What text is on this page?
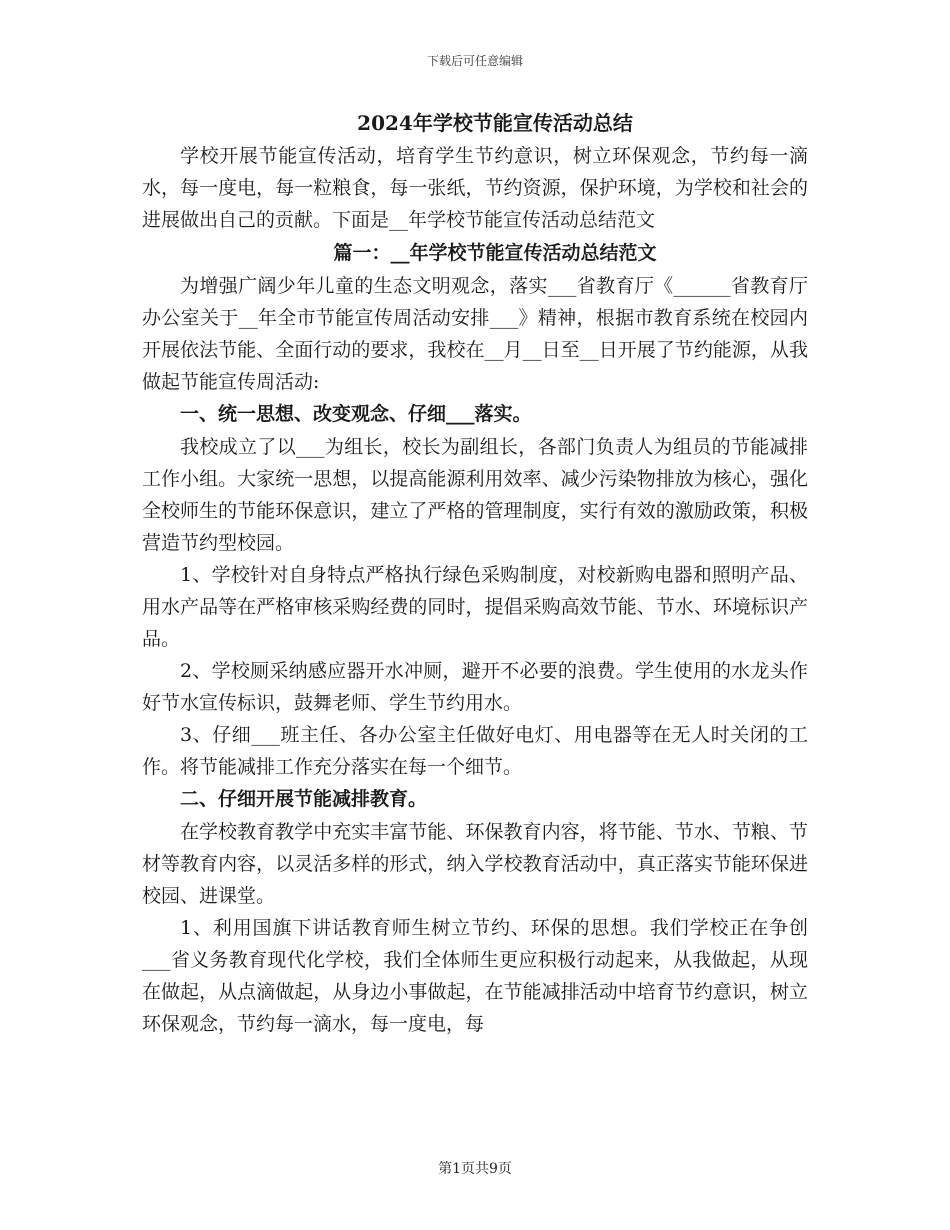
下载后可任意编辑
2024年学校节能宣传活动总结

学校开展节能宣传活动，培育学生节约意识，树立环保观念，节约每一滴水，每一度电，每一粒粮食，每一张纸，节约资源，保护环境，为学校和社会的进展做出自己的贡献。下面是__年学校节能宣传活动总结范文

篇一：__年学校节能宣传活动总结范文

为增强广阔少年儿童的生态文明观念，落实___省教育厅《______省教育厅办公室关于__年全市节能宣传周活动安排___》精神，根据市教育系统在校园内开展依法节能、全面行动的要求，我校在__月__日至__日开展了节约能源，从我做起节能宣传周活动:

一、统一思想、改变观念、仔细___落实。

我校成立了以___为组长，校长为副组长，各部门负责人为组员的节能减排工作小组。大家统一思想，以提高能源利用效率、减少污染物排放为核心，强化全校师生的节能环保意识，建立了严格的管理制度，实行有效的激励政策，积极营造节约型校园。

1、学校针对自身特点严格执行绿色采购制度，对校新购电器和照明产品、用水产品等在严格审核采购经费的同时，提倡采购高效节能、节水、环境标识产品。

2、学校厕采纳感应器开水冲厕，避开不必要的浪费。学生使用的水龙头作好节水宣传标识，鼓舞老师、学生节约用水。

3、仔细___班主任、各办公室主任做好电灯、用电器等在无人时关闭的工作。将节能减排工作充分落实在每一个细节。

二、仔细开展节能减排教育。

在学校教育教学中充实丰富节能、环保教育内容，将节能、节水、节粮、节材等教育内容，以灵活多样的形式，纳入学校教育活动中，真正落实节能环保进校园、进课堂。

1、利用国旗下讲话教育师生树立节约、环保的思想。我们学校正在争创___省义务教育现代化学校，我们全体师生更应积极行动起来，从我做起，从现在做起，从点滴做起，从身边小事做起，在节能减排活动中培育节约意识，树立环保观念，节约每一滴水，每一度电，每

第1页共9页
